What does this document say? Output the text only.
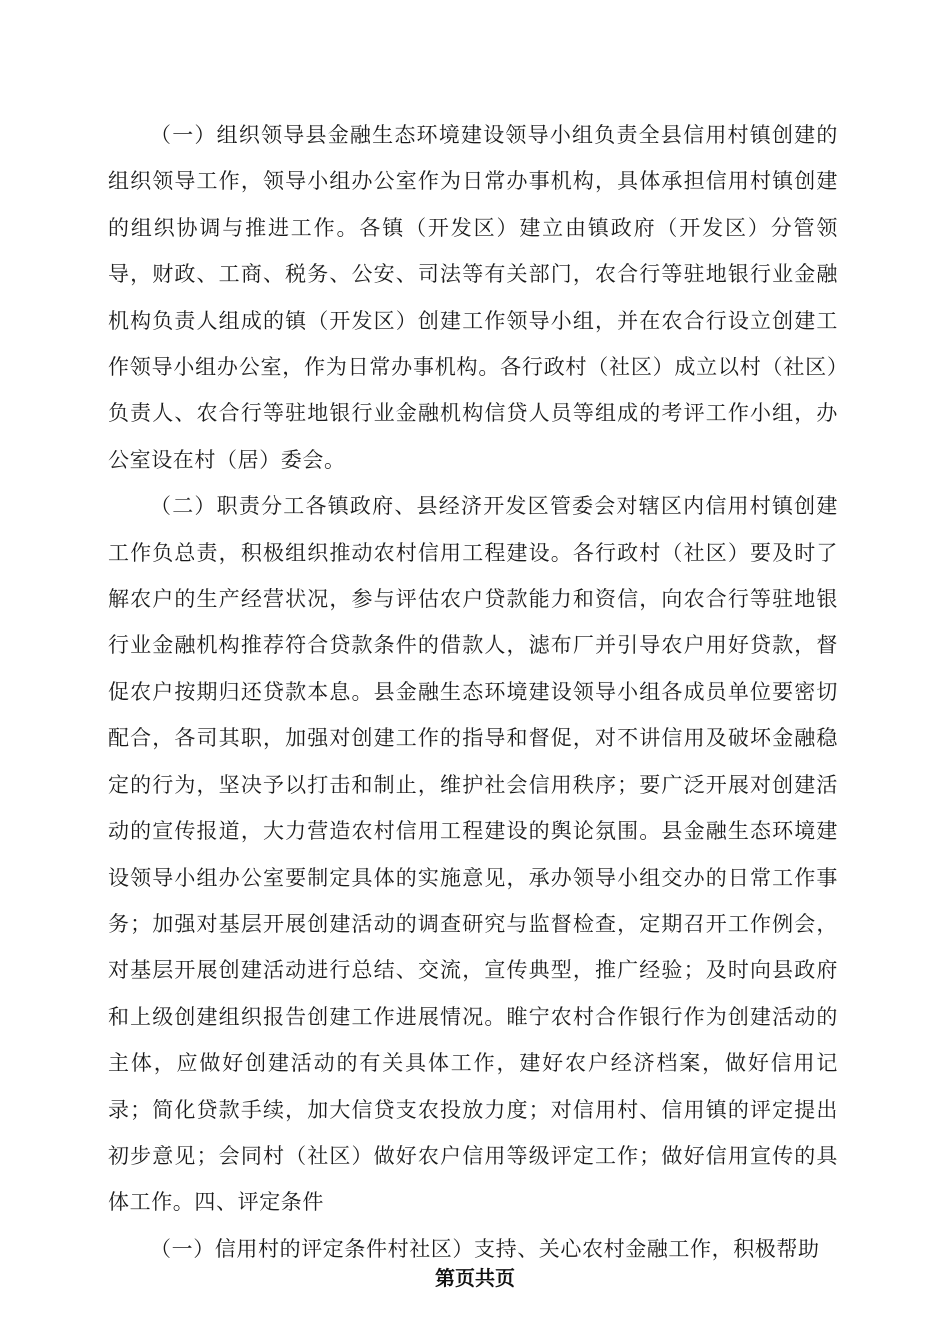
（一）组织领导县金融生态环境建设领导小组负责全县信用村镇创建的组织领导工作，领导小组办公室作为日常办事机构，具体承担信用村镇创建的组织协调与推进工作。各镇（开发区）建立由镇政府（开发区）分管领导，财政、工商、税务、公安、司法等有关部门，农合行等驻地银行业金融机构负责人组成的镇（开发区）创建工作领导小组，并在农合行设立创建工作领导小组办公室，作为日常办事机构。各行政村（社区）成立以村（社区）负责人、农合行等驻地银行业金融机构信贷人员等组成的考评工作小组，办公室设在村（居）委会。

（二）职责分工各镇政府、县经济开发区管委会对辖区内信用村镇创建工作负总责，积极组织推动农村信用工程建设。各行政村（社区）要及时了解农户的生产经营状况，参与评估农户贷款能力和资信，向农合行等驻地银行业金融机构推荐符合贷款条件的借款人，滤布厂并引导农户用好贷款，督促农户按期归还贷款本息。县金融生态环境建设领导小组各成员单位要密切配合，各司其职，加强对创建工作的指导和督促，对不讲信用及破坏金融稳定的行为，坚决予以打击和制止，维护社会信用秩序；要广泛开展对创建活动的宣传报道，大力营造农村信用工程建设的舆论氛围。县金融生态环境建设领导小组办公室要制定具体的实施意见，承办领导小组交办的日常工作事务；加强对基层开展创建活动的调查研究与监督检查，定期召开工作例会，对基层开展创建活动进行总结、交流，宣传典型，推广经验；及时向县政府和上级创建组织报告创建工作进展情况。睢宁农村合作银行作为创建活动的主体，应做好创建活动的有关具体工作，建好农户经济档案，做好信用记录；简化贷款手续，加大信贷支农投放力度；对信用村、信用镇的评定提出初步意见；会同村（社区）做好农户信用等级评定工作；做好信用宣传的具体工作。四、评定条件

（一）信用村的评定条件村社区）支持、关心农村金融工作，积极帮助

第页共页
